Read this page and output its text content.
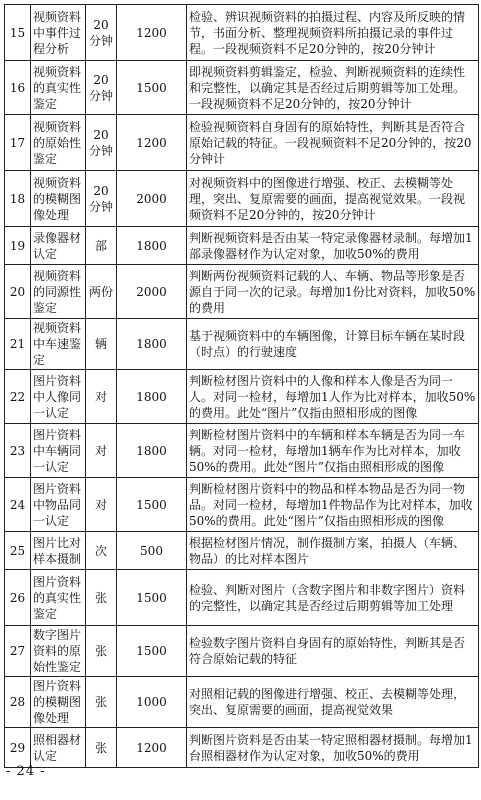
15	视频资料中事件过程分析	20分钟	1200	检验、辨识视频资料的拍摄过程、内容及所反映的情节，书面分析、整理视频资料所拍摄记录的事件过程。一段视频资料不足20分钟的，按20分钟计
16	视频资料的真实性鉴定	20分钟	1500	即视频资料剪辑鉴定，检验、判断视频资料的连续性和完整性，以确定其是否经过后期剪辑等加工处理。一段视频资料不足20分钟的，按20分钟计
17	视频资料的原始性鉴定	20分钟	1200	检验视频资料自身固有的原始特性，判断其是否符合原始记载的特征。一段视频资料不足20分钟的，按20分钟计
18	视频资料的模糊图像处理	20分钟	2000	对视频资料中的图像进行增强、校正、去模糊等处理，突出、复原需要的画面，提高视觉效果。一段视频资料不足20分钟的，按20分钟计
19	录像器材认定	部	1800	判断视频资料是否由某一特定录像器材录制。每增加1部录像器材作为认定对象，加收50%的费用
20	视频资料的同源性鉴定	两份	2000	判断两份视频资料记载的人、车辆、物品等形象是否源自于同一次的记录。每增加1份比对资料，加收50%的费用
21	视频资料中车速鉴定	辆	1800	基于视频资料中的车辆图像，计算目标车辆在某时段（时点）的行驶速度
22	图片资料中人像同一认定	对	1800	判断检材图片资料中的人像和样本人像是否为同一人。对同一检材，每增加1人作为比对样本，加收50%的费用。此处“图片”仅指由照相形成的图像
23	图片资料中车辆同一认定	对	1800	判断检材图片资料中的车辆和样本车辆是否为同一车辆。对同一检材，每增加1辆车作为比对样本，加收50%的费用。此处“图片”仅指由照相形成的图像
24	图片资料中物品同一认定	对	1500	判断检材图片资料中的物品和样本物品是否为同一物品。对同一检材，每增加1件物品作为比对样本，加收50%的费用。此处“图片”仅指由照相形成的图像
25	图片比对样本摄制	次	500	根据检材图片情况，制作摄制方案，拍摄人（车辆、物品）的比对样本图片
26	图片资料的真实性鉴定	张	1500	检验、判断对图片（含数字图片和非数字图片）资料的完整性，以确定其是否经过后期剪辑等加工处理
27	数字图片资料的原始性鉴定	张	1500	检验数字图片资料自身固有的原始特性，判断其是否符合原始记载的特征
28	图片资料的模糊图像处理	张	1000	对照相记载的图像进行增强、校正、去模糊等处理，突出、复原需要的画面，提高视觉效果
29	照相器材认定	张	1200	判断图片资料是否由某一特定照相器材摄制。每增加1台照相器材作为认定对象，加收50%的费用
- 24 -
